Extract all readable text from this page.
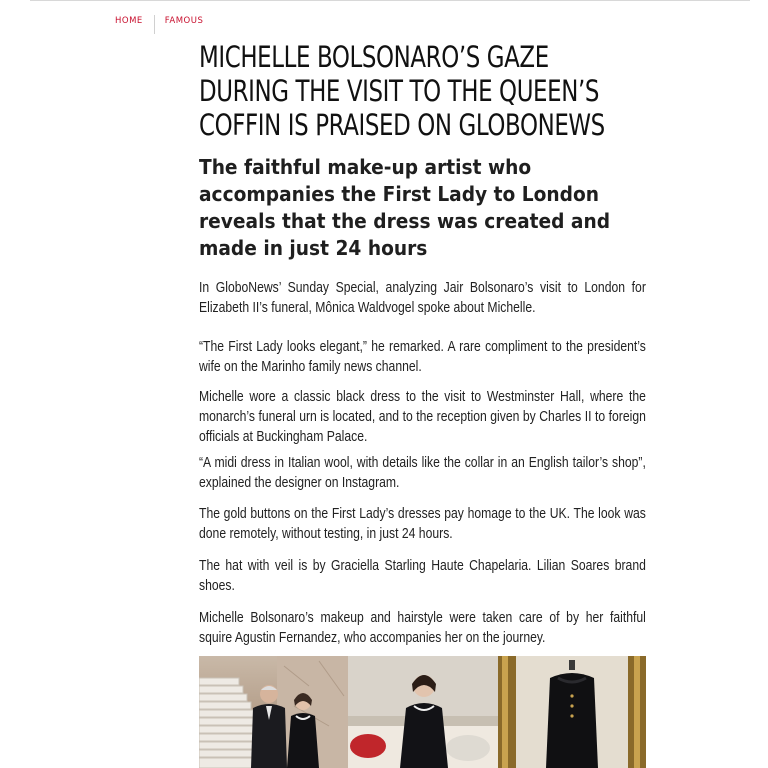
HOME	FAMOUS
MICHELLE BOLSONARO’S GAZE DURING THE VISIT TO THE QUEEN’S COFFIN IS PRAISED ON GLOBONEWS
The faithful make-up artist who accompanies the First Lady to London reveals that the dress was created and made in just 24 hours

In GloboNews’ Sunday Special, analyzing Jair Bolsonaro’s visit to London for Elizabeth II’s funeral, Mônica Waldvogel spoke about Michelle.

“The First Lady looks elegant,” he remarked. A rare compliment to the president’s wife on the Marinho family news channel.

Michelle wore a classic black dress to the visit to Westminster Hall, where the monarch’s funeral urn is located, and to the reception given by Charles II to foreign officials at Buckingham Palace.

“A midi dress in Italian wool, with details like the collar in an English tailor’s shop”, explained the designer on Instagram.

The gold buttons on the First Lady’s dresses pay homage to the UK. The look was done remotely, without testing, in just 24 hours.

The hat with veil is by Graciella Starling Haute Chapelaria. Lilian Soares brand shoes.

Michelle Bolsonaro’s makeup and hairstyle were taken care of by her faithful squire Agustin Fernandez, who accompanies her on the journey.
